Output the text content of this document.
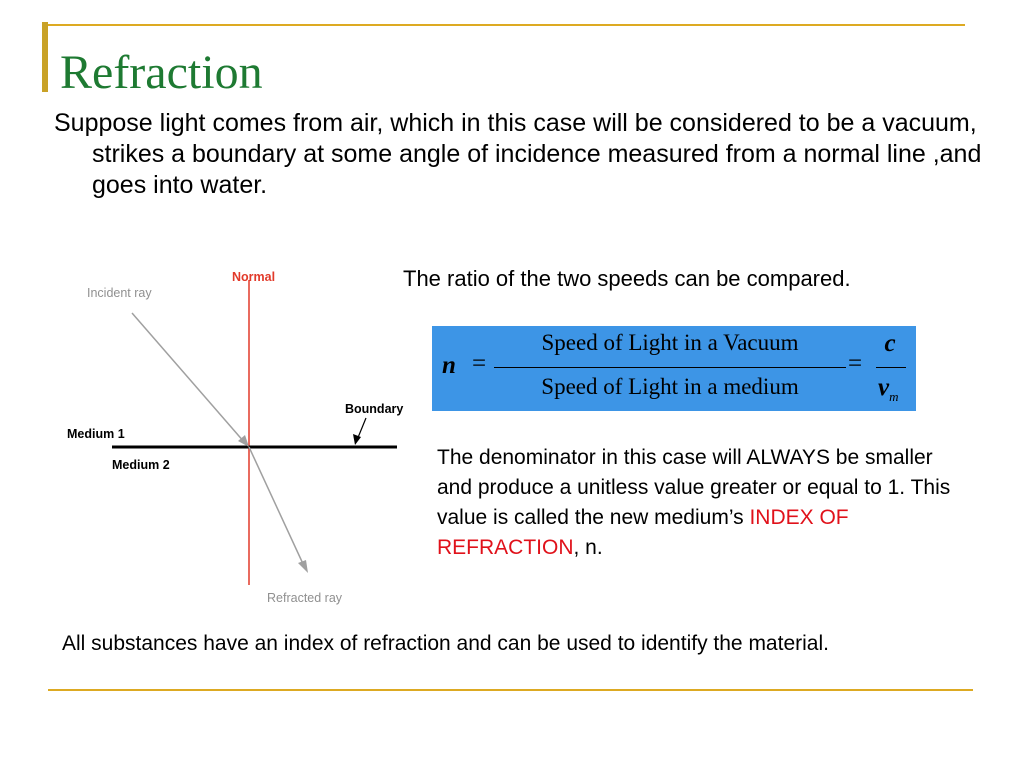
Refraction
Suppose light comes from air, which in this case will be considered to be a vacuum, strikes a boundary at some angle of incidence measured from a normal line ,and goes into water.
Normal
Incident ray
Boundary
Medium 1
Medium 2
Refracted ray
The ratio of the two speeds can be compared.
n =
Speed of Light in a Vacuum
Speed of Light in a medium
=
c
$v_m$
The denominator in this case will ALWAYS be smaller and produce a unitless value greater or equal to 1. This value is called the new medium’s INDEX OF REFRACTION, n.
All substances have an index of refraction and can be used to identify the material.
